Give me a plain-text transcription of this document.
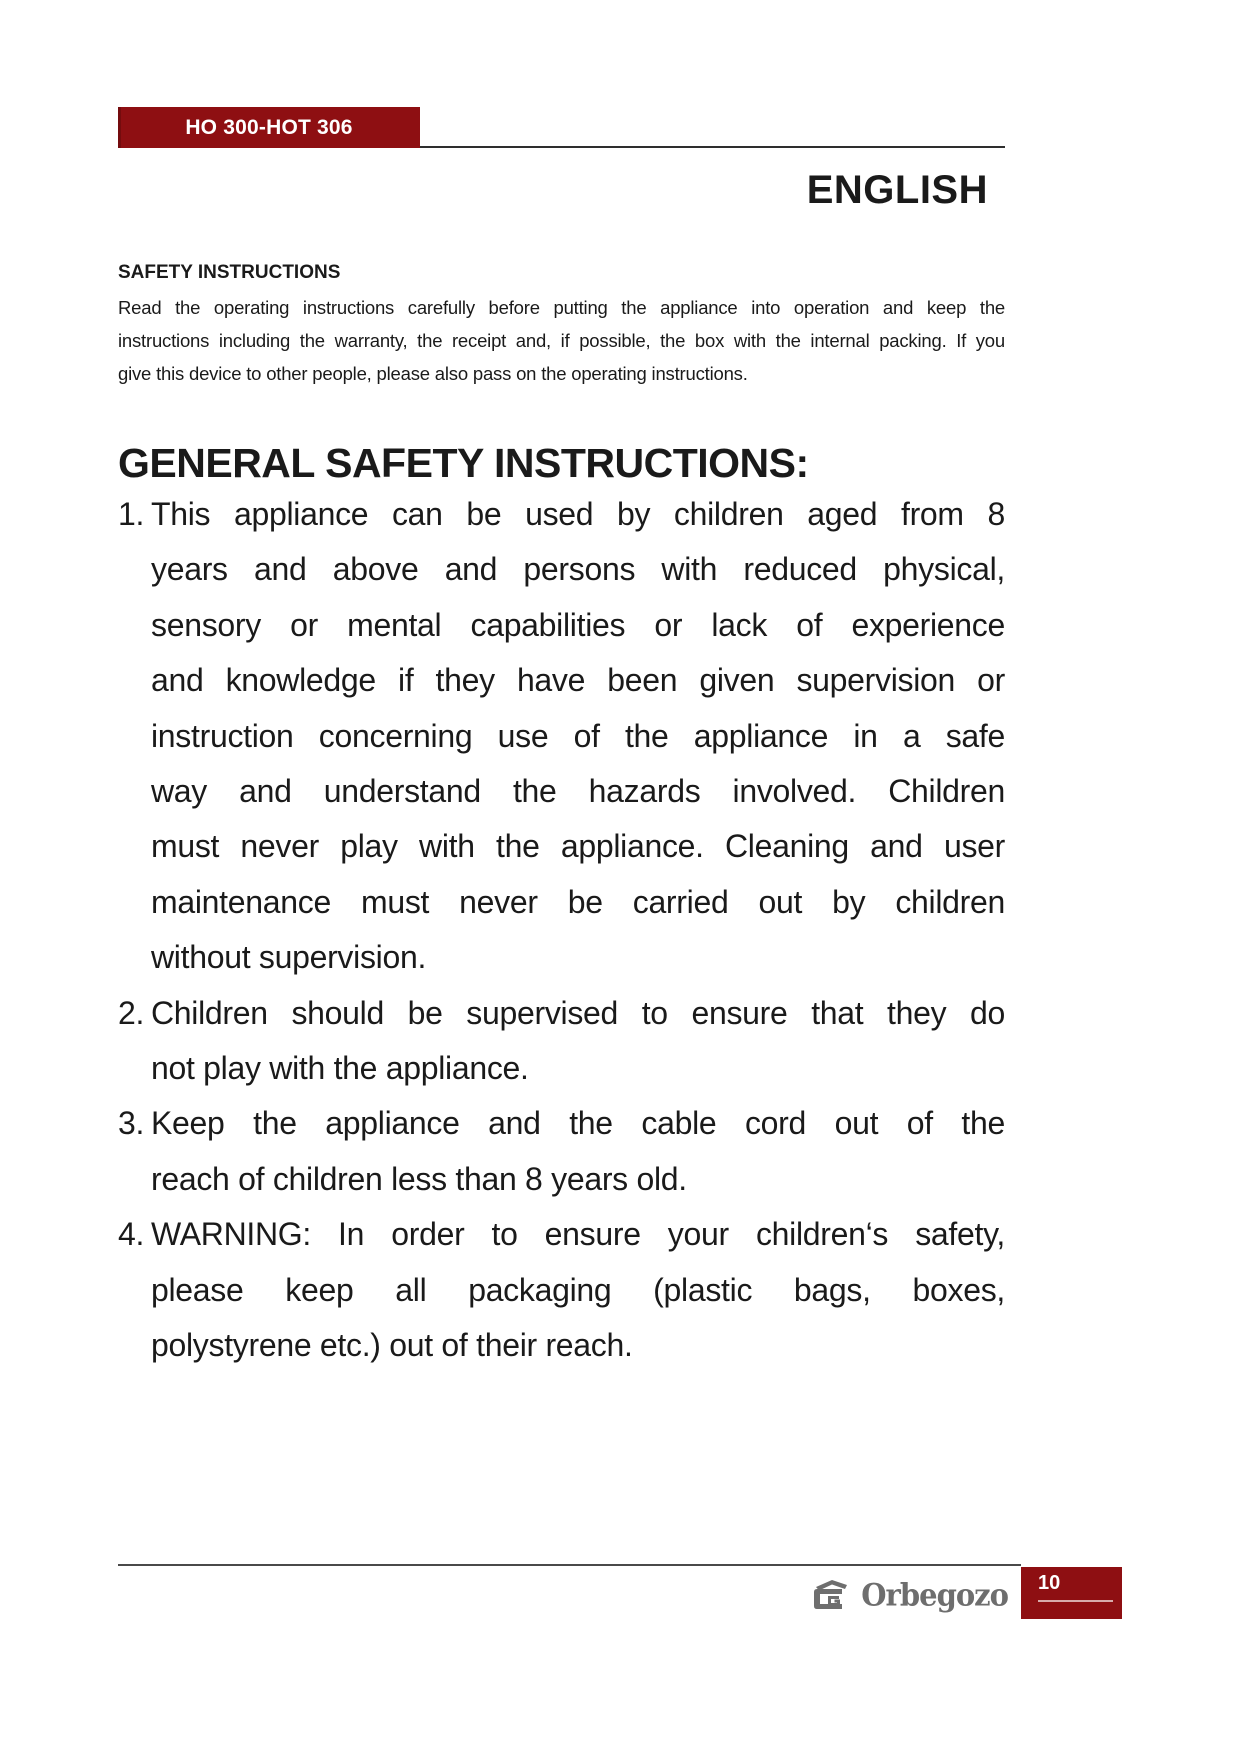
HO 300-HOT 306
ENGLISH
SAFETY INSTRUCTIONS
Read the operating instructions carefully before putting the appliance into operation and keep the
instructions including the warranty, the receipt and, if possible, the box with the internal packing. If you
give this device to other people, please also pass on the operating instructions.
GENERAL SAFETY INSTRUCTIONS:
1. This appliance can be used by children aged from 8
years and above and persons with reduced physical,
sensory or mental capabilities or lack of experience
and knowledge if they have been given supervision or
instruction concerning use of the appliance in a safe
way and understand the hazards involved. Children
must never play with the appliance. Cleaning and user
maintenance must never be carried out by children
without supervision.
2. Children should be supervised to ensure that they do
not play with the appliance.
3. Keep the appliance and the cable cord out of the
reach of children less than 8 years old.
4. WARNING: In order to ensure your children‘s safety,
please keep all packaging (plastic bags, boxes,
polystyrene etc.) out of their reach.
Orbegozo 10
